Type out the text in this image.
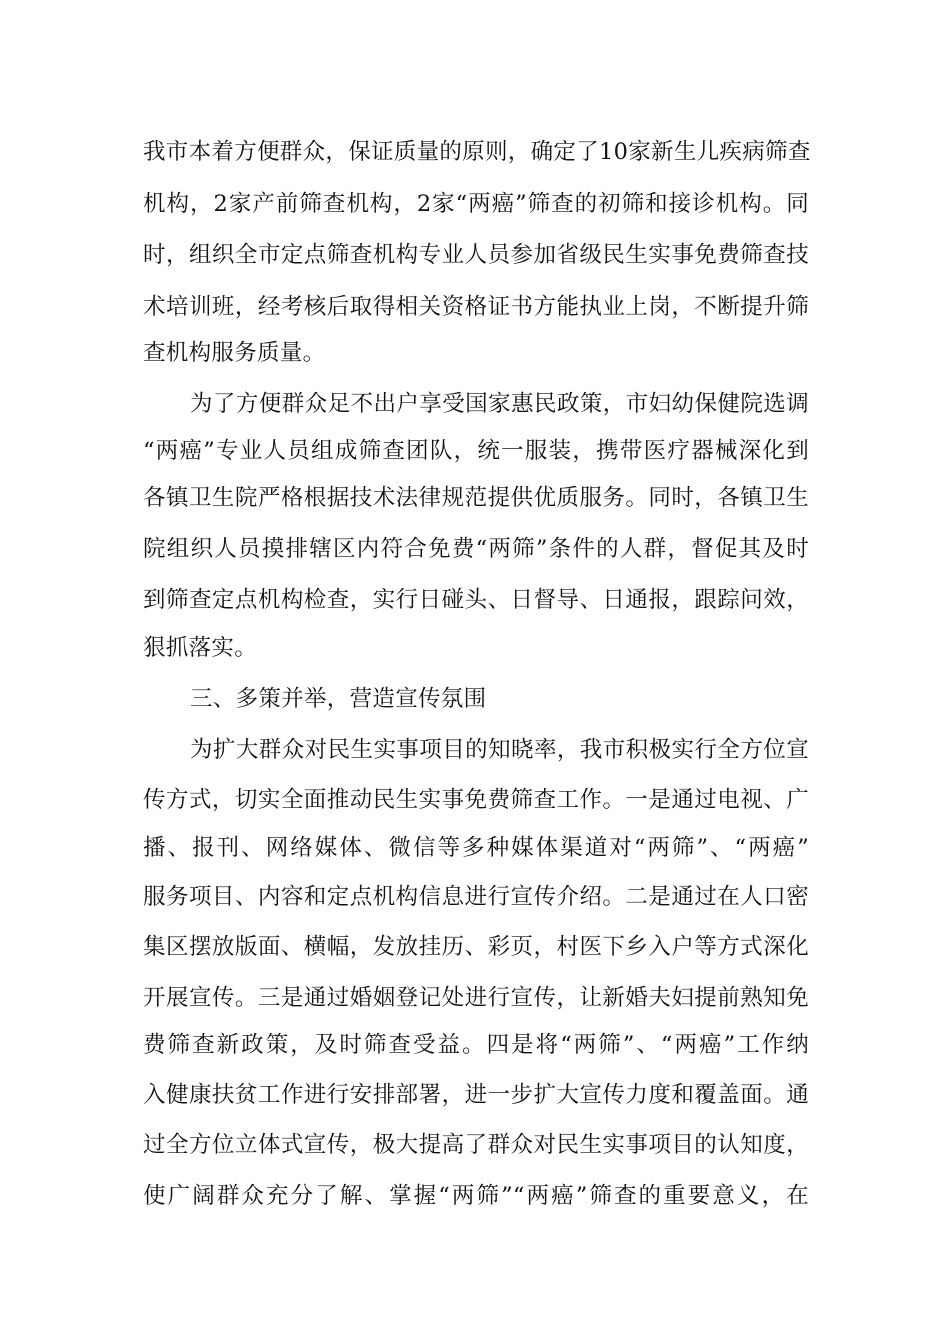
我市本着方便群众，保证质量的原则，确定了10家新生儿疾病筛查
机构，2家产前筛查机构，2家“两癌”筛查的初筛和接诊机构。同
时，组织全市定点筛查机构专业人员参加省级民生实事免费筛查技
术培训班，经考核后取得相关资格证书方能执业上岗，不断提升筛
查机构服务质量。
为了方便群众足不出户享受国家惠民政策，市妇幼保健院选调
“两癌”专业人员组成筛查团队，统一服装，携带医疗器械深化到
各镇卫生院严格根据技术法律规范提供优质服务。同时，各镇卫生
院组织人员摸排辖区内符合免费“两筛”条件的人群，督促其及时
到筛查定点机构检查，实行日碰头、日督导、日通报，跟踪问效，
狠抓落实。
三、多策并举，营造宣传氛围
为扩大群众对民生实事项目的知晓率，我市积极实行全方位宣
传方式，切实全面推动民生实事免费筛查工作。一是通过电视、广
播、报刊、网络媒体、微信等多种媒体渠道对“两筛”、“两癌”
服务项目、内容和定点机构信息进行宣传介绍。二是通过在人口密
集区摆放版面、横幅，发放挂历、彩页，村医下乡入户等方式深化
开展宣传。三是通过婚姻登记处进行宣传，让新婚夫妇提前熟知免
费筛查新政策，及时筛查受益。四是将“两筛”、“两癌”工作纳
入健康扶贫工作进行安排部署，进一步扩大宣传力度和覆盖面。通
过全方位立体式宣传，极大提高了群众对民生实事项目的认知度，
使广阔群众充分了解、掌握“两筛”“两癌”筛查的重要意义，在
